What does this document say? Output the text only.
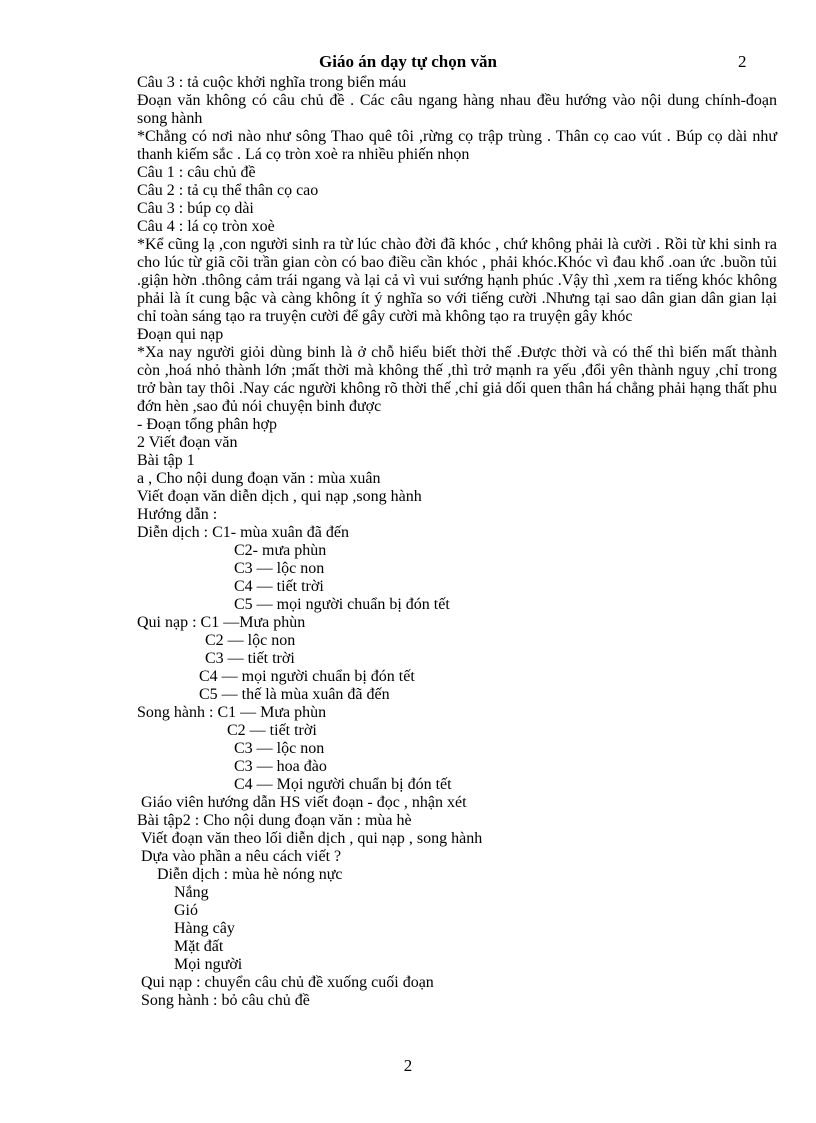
Giáo án dạy tự chọn văn	2
Câu 3 : tả cuộc khởi nghĩa trong biển máu
Đoạn văn không có câu chủ đề . Các câu ngang hàng nhau đều hướng vào nội dung chính-đoạn song hành
*Chẳng có nơi nào như sông Thao quê tôi ,rừng cọ trập trùng . Thân cọ cao vút . Búp cọ dài như thanh kiếm sắc . Lá cọ tròn xoè ra nhiều phiến nhọn
Câu 1 : câu chủ đề
Câu 2 : tả cụ thể thân cọ cao
Câu 3 : búp cọ dài
Câu 4 : lá cọ tròn xoè
*Kể cũng lạ ,con người sinh ra từ lúc chào đời đã khóc , chứ không phải là cười . Rồi từ khi sinh ra cho lúc từ giã cõi trần gian còn có bao điều cần khóc , phải khóc.Khóc vì đau khổ .oan ức .buồn tủi .giận hờn .thông cảm trái ngang và lại cả vì vui sướng hạnh phúc .Vậy thì ,xem ra tiếng khóc không phải là ít cung bậc và càng không ít ý nghĩa so với tiếng cười .Nhưng tại sao dân gian dân gian lại chỉ toàn sáng tạo ra truyện cười để gây cười mà không tạo ra truyện gây khóc
Đoạn qui nạp
*Xa nay người giỏi dùng binh là ở chỗ hiểu biết thời thế .Được thời và có thế thì biến mất thành còn ,hoá nhỏ thành lớn ;mất thời mà không thế ,thì trở mạnh ra yếu ,đổi yên thành nguy ,chỉ trong trở bàn tay thôi .Nay các người không rõ thời thế ,chỉ giả dối quen thân há chẳng phải hạng thất phu đớn hèn ,sao đủ nói chuyện binh được
- Đoạn tổng phân hợp
2 Viết đoạn văn
Bài tập 1
a , Cho nội dung đoạn văn : mùa xuân
Viết đoạn văn diễn dịch , qui nạp ,song hành
Hướng dẫn :
Diễn dịch : C1- mùa xuân đã đến
C2- mưa phùn
C3 — lộc non
C4 — tiết trời
C5 — mọi người chuẩn bị đón tết
Qui nạp : C1 —Mưa phùn
C2 — lộc non
C3 — tiết trời
C4 — mọi người chuẩn bị đón tết
C5 — thế là mùa xuân đã đến
Song hành : C1 — Mưa phùn
C2 — tiết trời
C3 — lộc non
C3 — hoa đào
C4 — Mọi người chuẩn bị đón tết
Giáo viên hướng dẫn HS viết đoạn - đọc , nhận xét
Bài tập2 : Cho nội dung đoạn văn : mùa hè
Viết đoạn văn theo lối diễn dịch , qui nạp , song hành
Dựa vào phần a nêu cách viết ?
Diễn dịch : mùa hè nóng nực
Nắng
Gió
Hàng cây
Mặt đất
Mọi người
Qui nạp : chuyển câu chủ đề xuống cuối đoạn
Song hành : bỏ câu chủ đề
2
